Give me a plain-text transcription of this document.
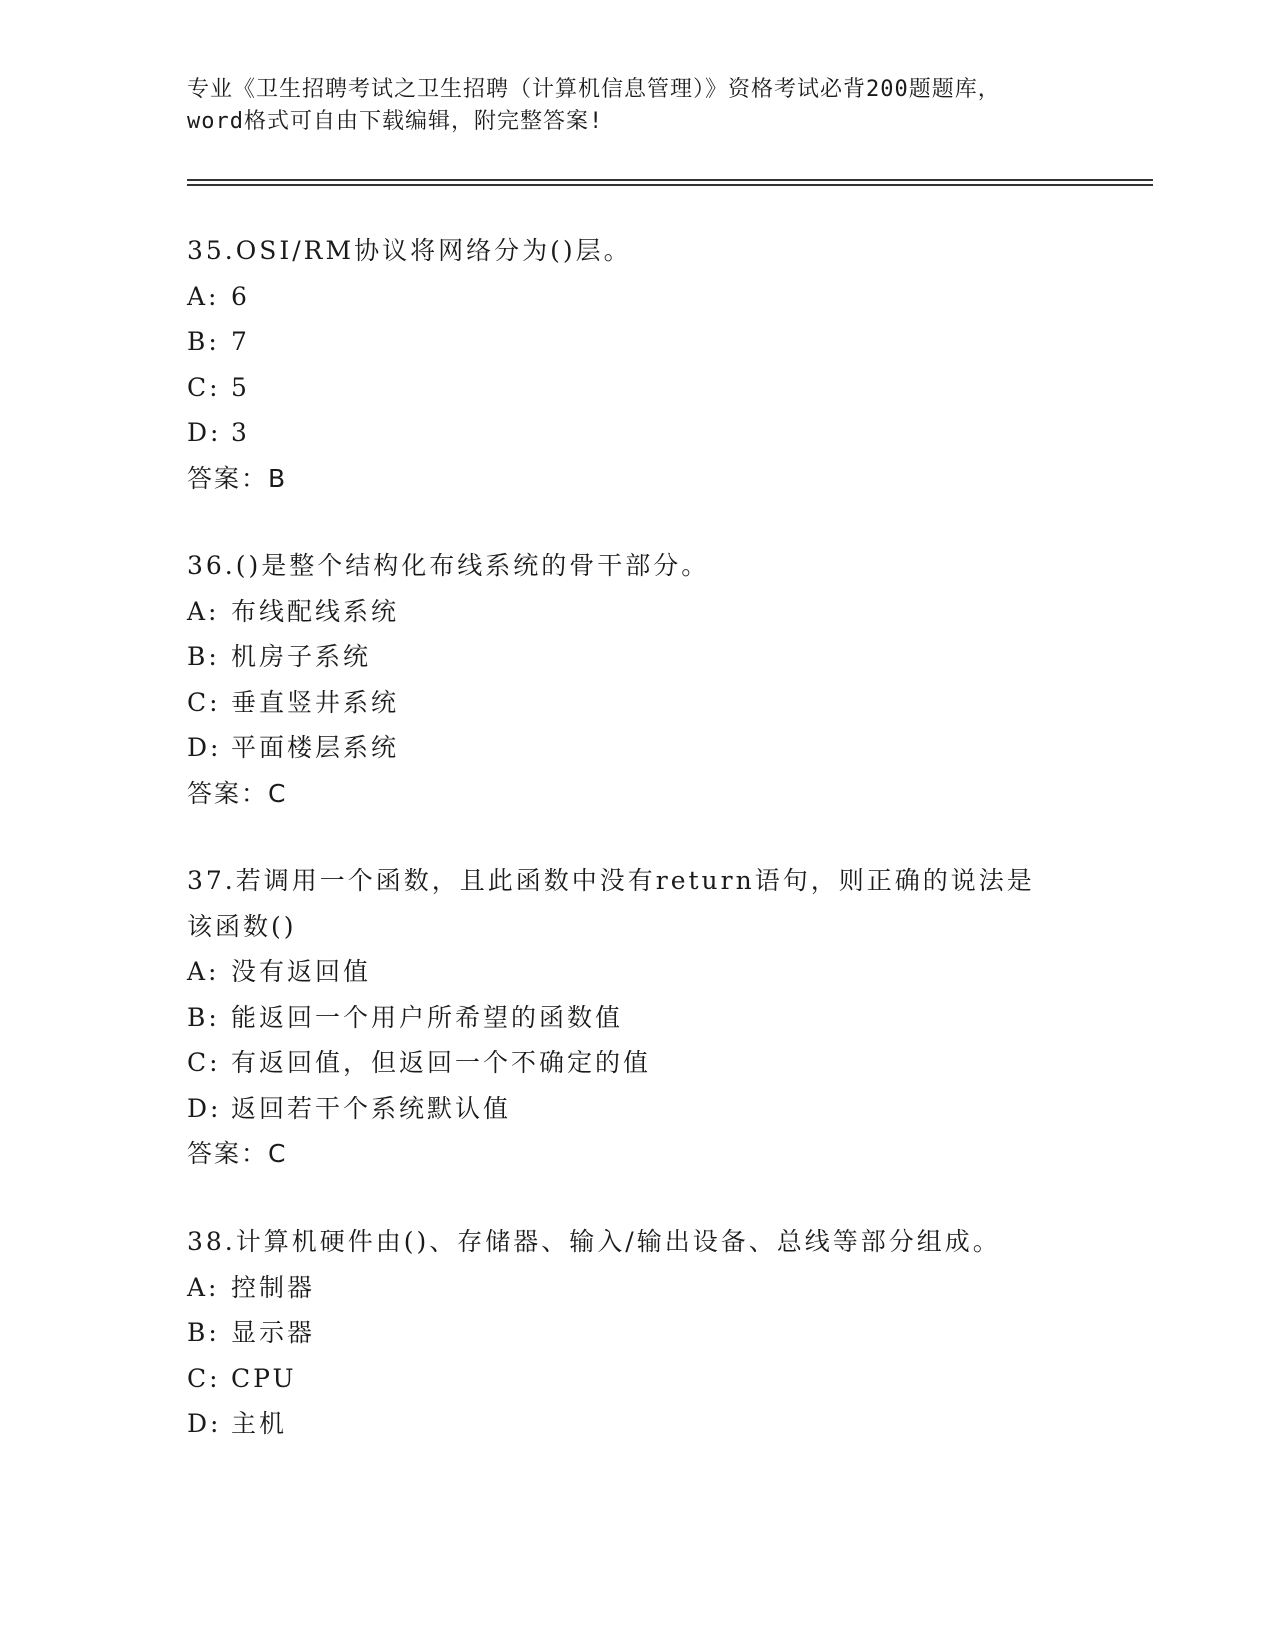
专业《卫生招聘考试之卫生招聘（计算机信息管理）》资格考试必背200题题库，
word格式可自由下载编辑，附完整答案!
35.OSI/RM协议将网络分为()层。
A: 6
B: 7
C: 5
D: 3
答案：B
36.()是整个结构化布线系统的骨干部分。
A: 布线配线系统
B: 机房子系统
C: 垂直竖井系统
D: 平面楼层系统
答案：C
37.若调用一个函数，且此函数中没有return语句，则正确的说法是
该函数()
A: 没有返回值
B: 能返回一个用户所希望的函数值
C: 有返回值，但返回一个不确定的值
D: 返回若干个系统默认值
答案：C
38.计算机硬件由()、存储器、输入/输出设备、总线等部分组成。
A: 控制器
B: 显示器
C: CPU
D: 主机
